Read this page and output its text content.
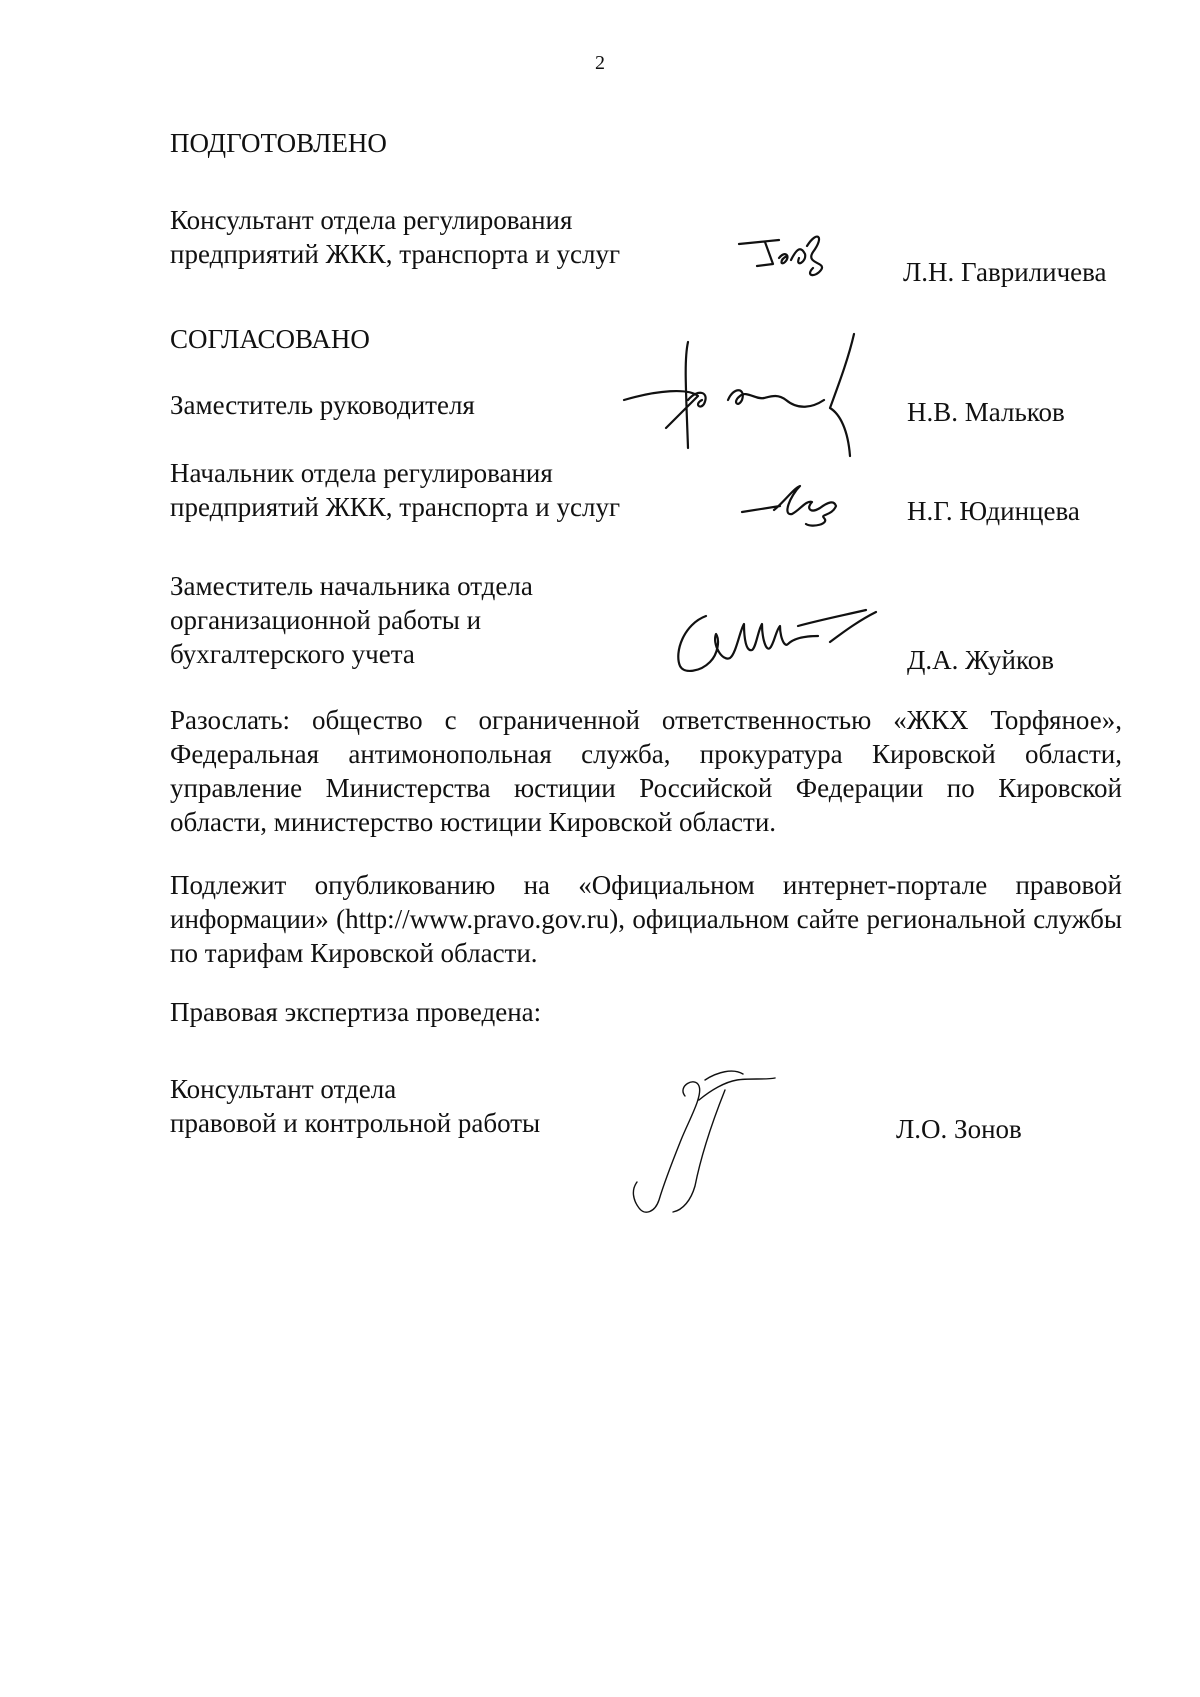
2
ПОДГОТОВЛЕНО
Консультант отдела регулирования
предприятий ЖКК, транспорта и услуг
Л.Н. Гавриличева
СОГЛАСОВАНО
Заместитель руководителя	Н.В. Мальков
Начальник отдела регулирования
предприятий ЖКК, транспорта и услуг	Н.Г. Юдинцева
Заместитель начальника отдела
организационной работы и
бухгалтерского учета	Д.А. Жуйков
Разослать: общество с ограниченной ответственностью «ЖКХ Торфяное», Федеральная антимонопольная служба, прокуратура Кировской области, управление Министерства юстиции Российской Федерации по Кировской области, министерство юстиции Кировской области.
Подлежит опубликованию на «Официальном интернет-портале правовой информации» (http://www.pravo.gov.ru), официальном сайте региональной службы по тарифам Кировской области.
Правовая экспертиза проведена:
Консультант отдела
правовой и контрольной работы	Л.О. Зонов
